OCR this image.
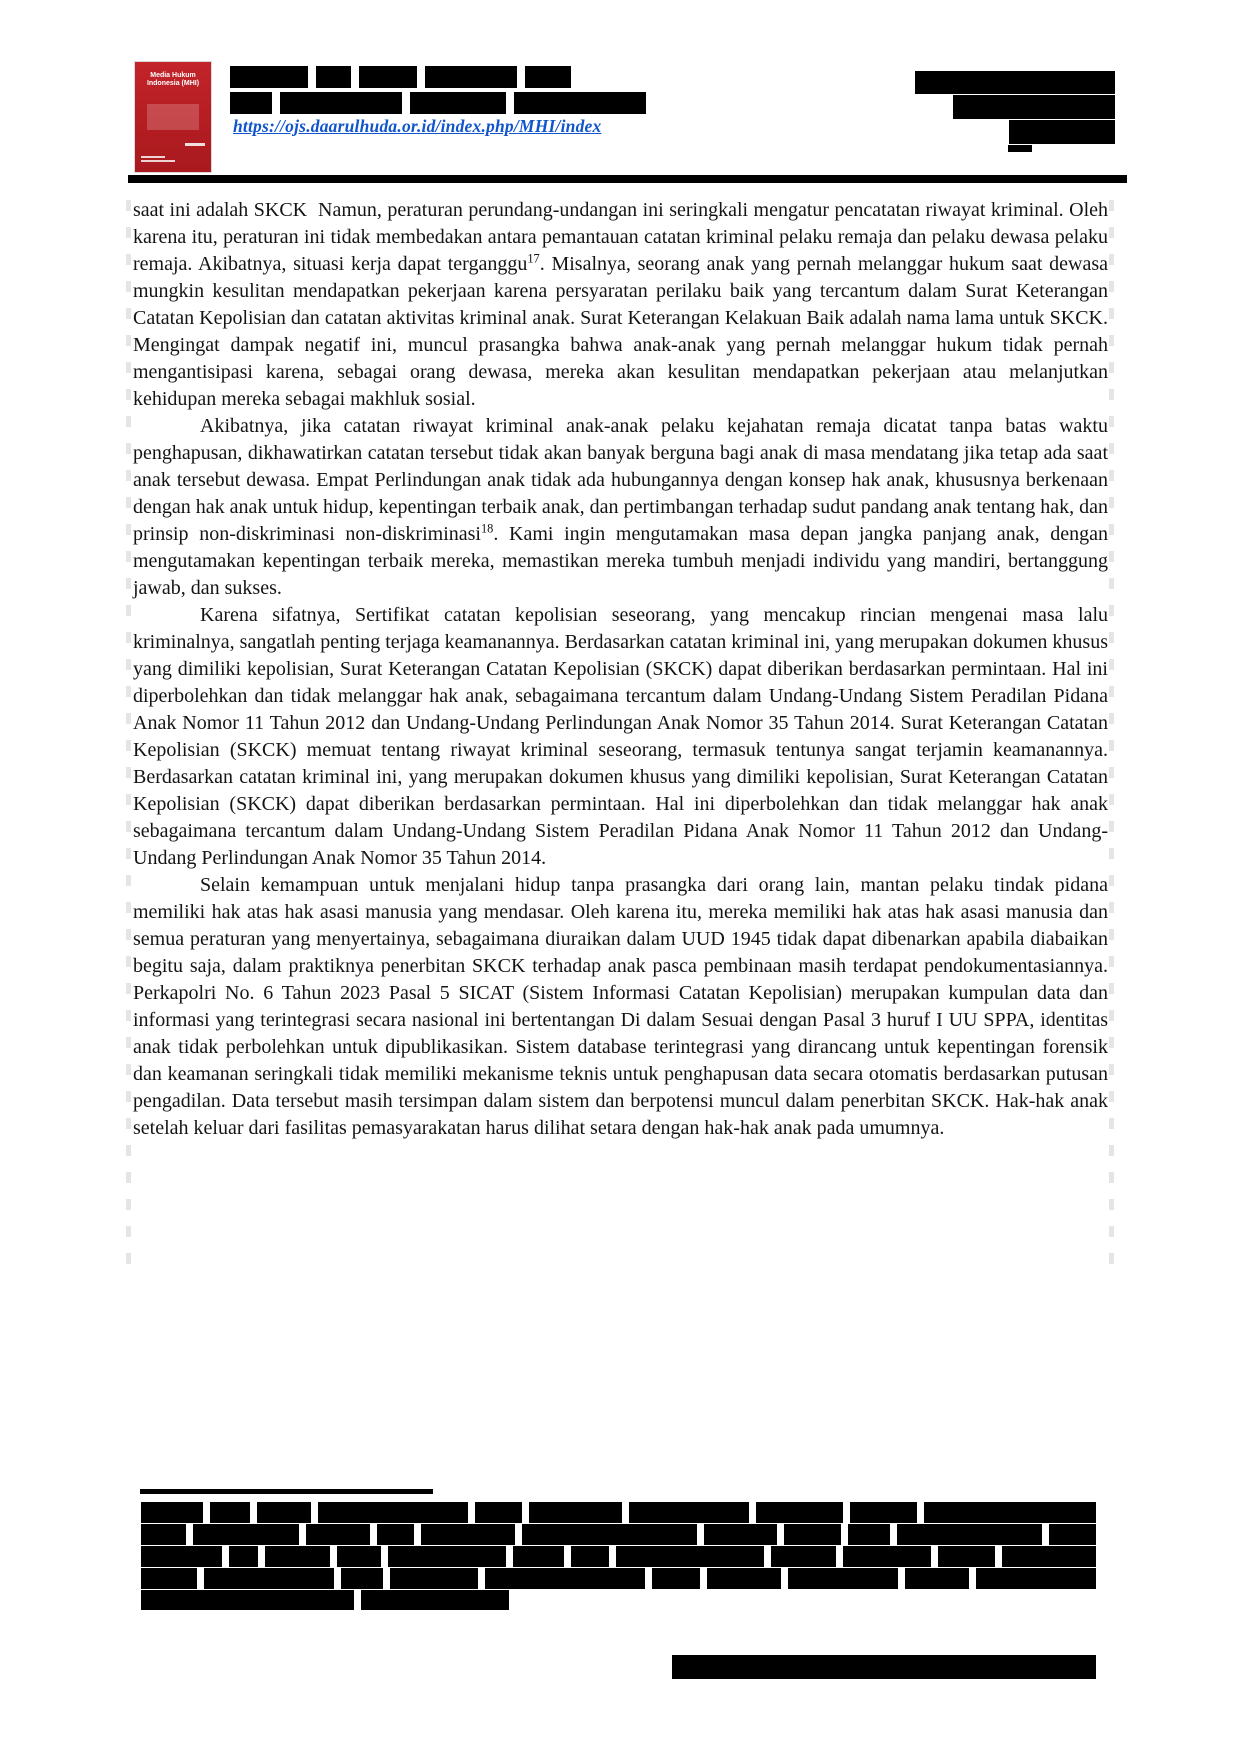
Media Hukum Indonesia (MHI)
https://ojs.daarulhuda.or.id/index.php/MHI/index

saat ini adalah SKCK  Namun, peraturan perundang-undangan ini seringkali mengatur pencatatan riwayat kriminal. Oleh karena itu, peraturan ini tidak membedakan antara pemantauan catatan kriminal pelaku remaja dan pelaku dewasa pelaku remaja. Akibatnya, situasi kerja dapat terganggu$^{17}$. Misalnya, seorang anak yang pernah melanggar hukum saat dewasa mungkin kesulitan mendapatkan pekerjaan karena persyaratan perilaku baik yang tercantum dalam Surat Keterangan Catatan Kepolisian dan catatan aktivitas kriminal anak. Surat Keterangan Kelakuan Baik adalah nama lama untuk SKCK. Mengingat dampak negatif ini, muncul prasangka bahwa anak-anak yang pernah melanggar hukum tidak pernah mengantisipasi karena, sebagai orang dewasa, mereka akan kesulitan mendapatkan pekerjaan atau melanjutkan kehidupan mereka sebagai makhluk sosial.

Akibatnya, jika catatan riwayat kriminal anak-anak pelaku kejahatan remaja dicatat tanpa batas waktu penghapusan, dikhawatirkan catatan tersebut tidak akan banyak berguna bagi anak di masa mendatang jika tetap ada saat anak tersebut dewasa. Empat Perlindungan anak tidak ada hubungannya dengan konsep hak anak, khususnya berkenaan dengan hak anak untuk hidup, kepentingan terbaik anak, dan pertimbangan terhadap sudut pandang anak tentang hak, dan prinsip non-diskriminasi non-diskriminasi$^{18}$. Kami ingin mengutamakan masa depan jangka panjang anak, dengan mengutamakan kepentingan terbaik mereka, memastikan mereka tumbuh menjadi individu yang mandiri, bertanggung jawab, dan sukses.

Karena sifatnya, Sertifikat catatan kepolisian seseorang, yang mencakup rincian mengenai masa lalu kriminalnya, sangatlah penting terjaga keamanannya. Berdasarkan catatan kriminal ini, yang merupakan dokumen khusus yang dimiliki kepolisian, Surat Keterangan Catatan Kepolisian (SKCK) dapat diberikan berdasarkan permintaan. Hal ini diperbolehkan dan tidak melanggar hak anak, sebagaimana tercantum dalam Undang-Undang Sistem Peradilan Pidana Anak Nomor 11 Tahun 2012 dan Undang-Undang Perlindungan Anak Nomor 35 Tahun 2014. Surat Keterangan Catatan Kepolisian (SKCK) memuat tentang riwayat kriminal seseorang, termasuk tentunya sangat terjamin keamanannya. Berdasarkan catatan kriminal ini, yang merupakan dokumen khusus yang dimiliki kepolisian, Surat Keterangan Catatan Kepolisian (SKCK) dapat diberikan berdasarkan permintaan. Hal ini diperbolehkan dan tidak melanggar hak anak sebagaimana tercantum dalam Undang-Undang Sistem Peradilan Pidana Anak Nomor 11 Tahun 2012 dan Undang-Undang Perlindungan Anak Nomor 35 Tahun 2014.

Selain kemampuan untuk menjalani hidup tanpa prasangka dari orang lain, mantan pelaku tindak pidana memiliki hak atas hak asasi manusia yang mendasar. Oleh karena itu, mereka memiliki hak atas hak asasi manusia dan semua peraturan yang menyertainya, sebagaimana diuraikan dalam UUD 1945 tidak dapat dibenarkan apabila diabaikan begitu saja, dalam praktiknya penerbitan SKCK terhadap anak pasca pembinaan masih terdapat pendokumentasiannya. Perkapolri No. 6 Tahun 2023 Pasal 5 SICAT (Sistem Informasi Catatan Kepolisian) merupakan kumpulan data dan informasi yang terintegrasi secara nasional ini bertentangan Di dalam Sesuai dengan Pasal 3 huruf I UU SPPA, identitas anak tidak perbolehkan untuk dipublikasikan. Sistem database terintegrasi yang dirancang untuk kepentingan forensik dan keamanan seringkali tidak memiliki mekanisme teknis untuk penghapusan data secara otomatis berdasarkan putusan pengadilan. Data tersebut masih tersimpan dalam sistem dan berpotensi muncul dalam penerbitan SKCK. Hak-hak anak setelah keluar dari fasilitas pemasyarakatan harus dilihat setara dengan hak-hak anak pada umumnya.
